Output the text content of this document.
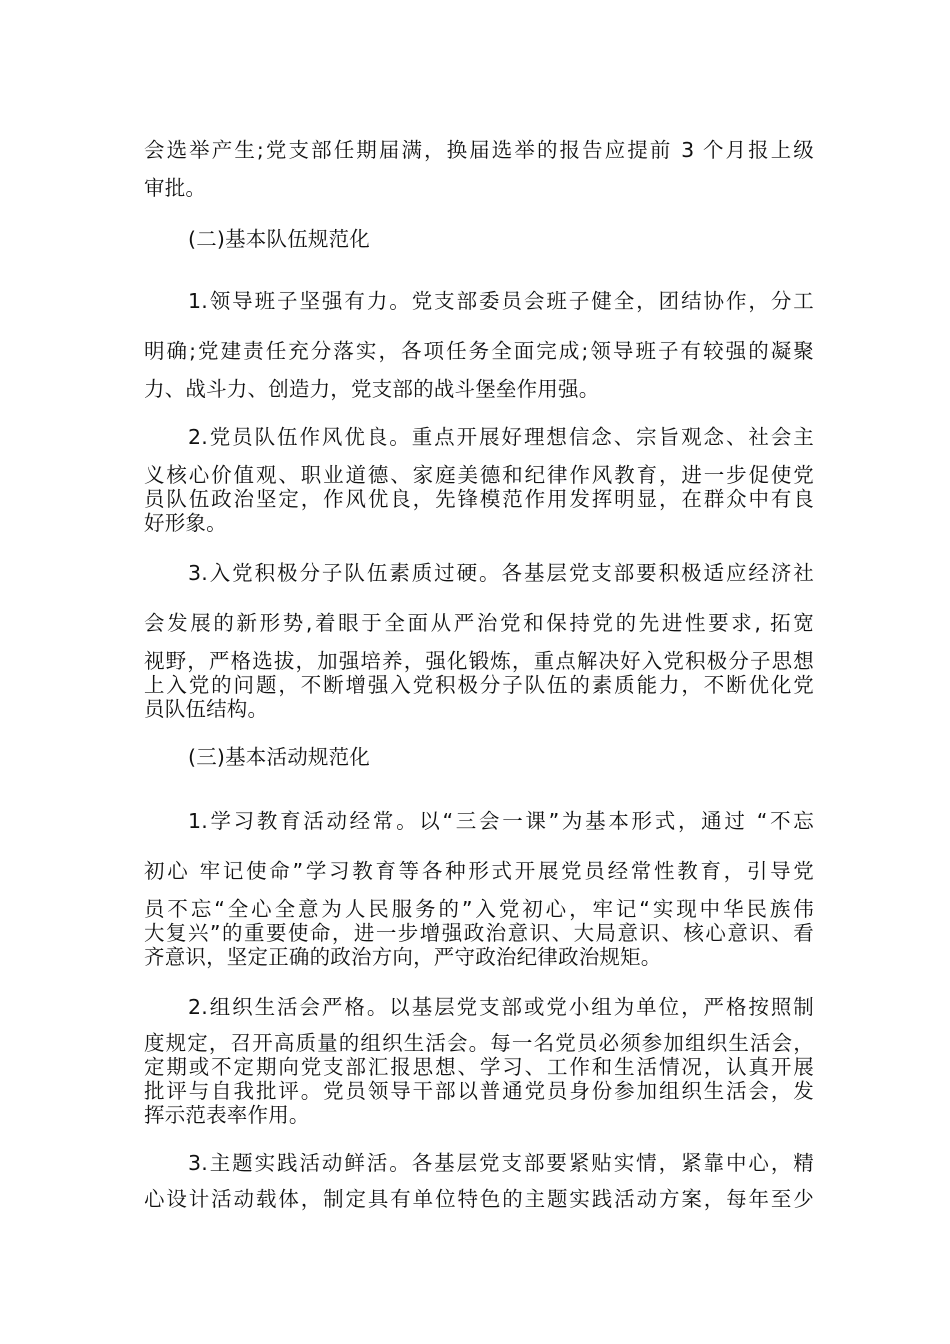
会选举产生;党支部任期届满，换届选举的报告应提前 3 个月报上级
审批。
(二)基本队伍规范化
1.领导班子坚强有力。党支部委员会班子健全，团结协作，分工
明确;党建责任充分落实，各项任务全面完成;领导班子有较强的凝聚
力、战斗力、创造力，党支部的战斗堡垒作用强。
2.党员队伍作风优良。重点开展好理想信念、宗旨观念、社会主
义核心价值观、职业道德、家庭美德和纪律作风教育，进一步促使党
员队伍政治坚定，作风优良，先锋模范作用发挥明显，在群众中有良
好形象。
3.入党积极分子队伍素质过硬。各基层党支部要积极适应经济社
会发展的新形势,着眼于全面从严治党和保持党的先进性要求, 拓宽
视野，严格选拔，加强培养，强化锻炼，重点解决好入党积极分子思想
上入党的问题，不断增强入党积极分子队伍的素质能力，不断优化党
员队伍结构。
(三)基本活动规范化
1.学习教育活动经常。以“三会一课”为基本形式，通过 “不忘
初心 牢记使命”学习教育等各种形式开展党员经常性教育，引导党
员不忘“全心全意为人民服务的”入党初心，牢记“实现中华民族伟
大复兴”的重要使命，进一步增强政治意识、大局意识、核心意识、看
齐意识，坚定正确的政治方向，严守政治纪律政治规矩。
2.组织生活会严格。以基层党支部或党小组为单位，严格按照制
度规定，召开高质量的组织生活会。每一名党员必须参加组织生活会，
定期或不定期向党支部汇报思想、学习、工作和生活情况，认真开展
批评与自我批评。党员领导干部以普通党员身份参加组织生活会，发
挥示范表率作用。
3.主题实践活动鲜活。各基层党支部要紧贴实情，紧靠中心，精
心设计活动载体，制定具有单位特色的主题实践活动方案，每年至少
